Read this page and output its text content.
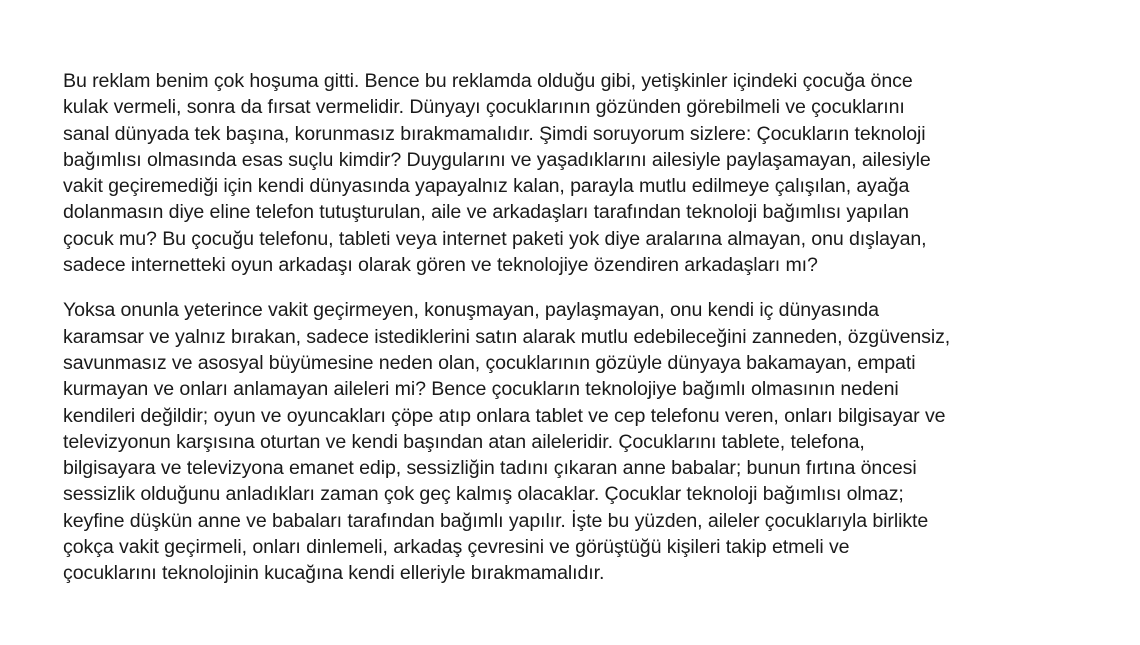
Bu reklam benim çok hoşuma gitti. Bence bu reklamda olduğu gibi, yetişkinler içindeki çocuğa önce
kulak vermeli, sonra da fırsat vermelidir. Dünyayı çocuklarının gözünden görebilmeli ve çocuklarını
sanal dünyada tek başına, korunmasız bırakmamalıdır. Şimdi soruyorum sizlere: Çocukların teknoloji
bağımlısı olmasında esas suçlu kimdir? Duygularını ve yaşadıklarını ailesiyle paylaşamayan, ailesiyle
vakit geçiremediği için kendi dünyasında yapayalnız kalan, parayla mutlu edilmeye çalışılan, ayağa
dolanmasın diye eline telefon tutuşturulan, aile ve arkadaşları tarafından teknoloji bağımlısı yapılan
çocuk mu? Bu çocuğu telefonu, tableti veya internet paketi yok diye aralarına almayan, onu dışlayan,
sadece internetteki oyun arkadaşı olarak gören ve teknolojiye özendiren arkadaşları mı?

Yoksa onunla yeterince vakit geçirmeyen, konuşmayan, paylaşmayan, onu kendi iç dünyasında
karamsar ve yalnız bırakan, sadece istediklerini satın alarak mutlu edebileceğini zanneden, özgüvensiz,
savunmasız ve asosyal büyümesine neden olan, çocuklarının gözüyle dünyaya bakamayan, empati
kurmayan ve onları anlamayan aileleri mi? Bence çocukların teknolojiye bağımlı olmasının nedeni
kendileri değildir; oyun ve oyuncakları çöpe atıp onlara tablet ve cep telefonu veren, onları bilgisayar ve
televizyonun karşısına oturtan ve kendi başından atan aileleridir. Çocuklarını tablete, telefona,
bilgisayara ve televizyona emanet edip, sessizliğin tadını çıkaran anne babalar; bunun fırtına öncesi
sessizlik olduğunu anladıkları zaman çok geç kalmış olacaklar. Çocuklar teknoloji bağımlısı olmaz;
keyfine düşkün anne ve babaları tarafından bağımlı yapılır. İşte bu yüzden, aileler çocuklarıyla birlikte
çokça vakit geçirmeli, onları dinlemeli, arkadaş çevresini ve görüştüğü kişileri takip etmeli ve
çocuklarını teknolojinin kucağına kendi elleriyle bırakmamalıdır.
